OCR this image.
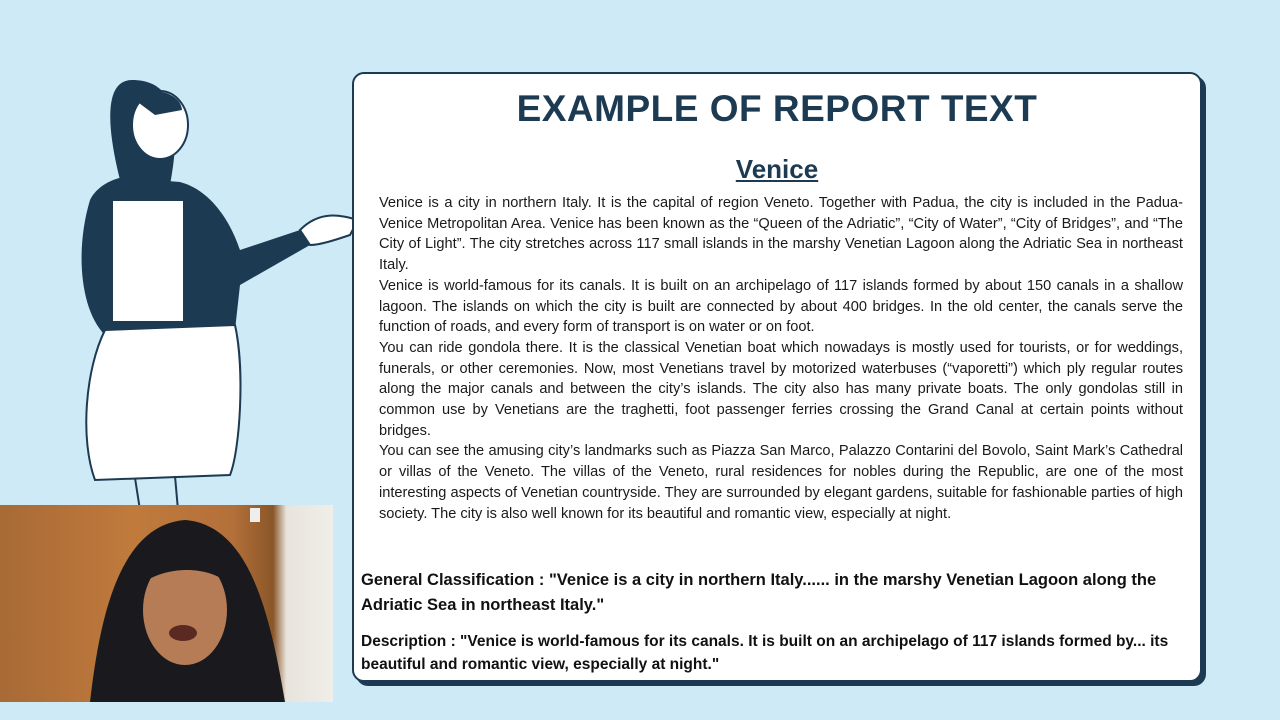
EXAMPLE OF REPORT TEXT
Venice

Venice is a city in northern Italy. It is the capital of region Veneto. Together with Padua, the city is included in the Padua-Venice Metropolitan Area. Venice has been known as the “Queen of the Adriatic”, “City of Water”, “City of Bridges”, and “The City of Light”. The city stretches across 117 small islands in the marshy Venetian Lagoon along the Adriatic Sea in northeast Italy.

Venice is world-famous for its canals. It is built on an archipelago of 117 islands formed by about 150 canals in a shallow lagoon. The islands on which the city is built are connected by about 400 bridges. In the old center, the canals serve the function of roads, and every form of transport is on water or on foot.

You can ride gondola there. It is the classical Venetian boat which nowadays is mostly used for tourists, or for weddings, funerals, or other ceremonies. Now, most Venetians travel by motorized waterbuses (“vaporetti”) which ply regular routes along the major canals and between the city’s islands. The city also has many private boats. The only gondolas still in common use by Venetians are the traghetti, foot passenger ferries crossing the Grand Canal at certain points without bridges.

You can see the amusing city’s landmarks such as Piazza San Marco, Palazzo Contarini del Bovolo, Saint Mark’s Cathedral or villas of the Veneto. The villas of the Veneto, rural residences for nobles during the Republic, are one of the most interesting aspects of Venetian countryside. They are surrounded by elegant gardens, suitable for fashionable parties of high society. The city is also well known for its beautiful and romantic view, especially at night.

General Classification : "Venice is a city in northern Italy...... in the marshy Venetian Lagoon along the Adriatic Sea in northeast Italy."
Description : "Venice is world-famous for its canals. It is built on an archipelago of 117 islands formed by... its beautiful and romantic view, especially at night."
